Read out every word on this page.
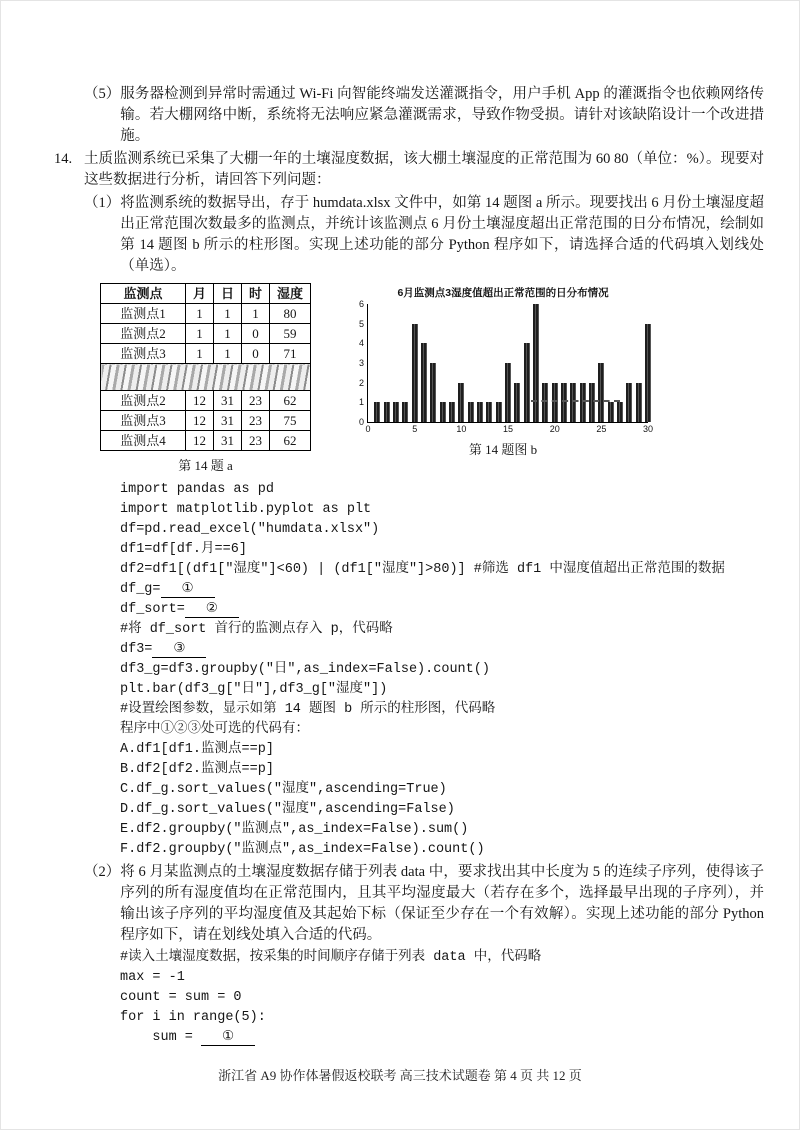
（5） 服务器检测到异常时需通过 Wi-Fi 向智能终端发送灌溉指令，用户手机 App 的灌溉指令也依赖网络传输。若大棚网络中断，系统将无法响应紧急灌溉需求，导致作物受损。请针对该缺陷设计一个改进措施。
14. 土质监测系统已采集了大棚一年的土壤湿度数据，该大棚土壤湿度的正常范围为 60 80（单位：%）。现要对这些数据进行分析，请回答下列问题：
（1） 将监测系统的数据导出，存于 humdata.xlsx 文件中，如第 14 题图 a 所示。现要找出 6 月份土壤湿度超出正常范围次数最多的监测点，并统计该监测点 6 月份土壤湿度超出正常范围的日分布情况，绘制如第 14 题图 b 所示的柱形图。实现上述功能的部分 Python 程序如下，请选择合适的代码填入划线处（单选）。
监测点	月	日	时	湿度
监测点1	1	1	1	80
监测点2	1	1	0	59
监测点3	1	1	0	71

监测点2	12	31	23	62
监测点3	12	31	23	75
监测点4	12	31	23	62
第 14 题 a
6月监测点3湿度值超出正常范围的日分布情况
0
1
2
3
4
5
6
0	5	10	15	20	25	30
第 14 题图 b
import pandas as pd
import matplotlib.pyplot as plt
df=pd.read_excel("humdata.xlsx")
df1=df[df.月==6]
df2=df1[(df1["湿度"]<60) | (df1["湿度"]>80)] #筛选 df1 中湿度值超出正常范围的数据
df_g= ①
df_sort= ②
#将 df_sort 首行的监测点存入 p，代码略
df3= ③
df3_g=df3.groupby("日",as_index=False).count()
plt.bar(df3_g["日"],df3_g["湿度"])
#设置绘图参数，显示如第 14 题图 b 所示的柱形图，代码略
程序中①②③处可选的代码有：
A.df1[df1.监测点==p]
B.df2[df2.监测点==p]
C.df_g.sort_values("湿度",ascending=True)
D.df_g.sort_values("湿度",ascending=False)
E.df2.groupby("监测点",as_index=False).sum()
F.df2.groupby("监测点",as_index=False).count()
（2） 将 6 月某监测点的土壤湿度数据存储于列表 data 中，要求找出其中长度为 5 的连续子序列，使得该子序列的所有湿度值均在正常范围内，且其平均湿度最大（若存在多个，选择最早出现的子序列），并输出该子序列的平均湿度值及其起始下标（保证至少存在一个有效解）。实现上述功能的部分 Python 程序如下，请在划线处填入合适的代码。
#读入土壤湿度数据，按采集的时间顺序存储于列表 data 中，代码略
max = -1
count = sum = 0
for i in range(5):
sum = ①
浙江省 A9 协作体暑假返校联考 高三技术试题卷 第 4 页 共 12 页
